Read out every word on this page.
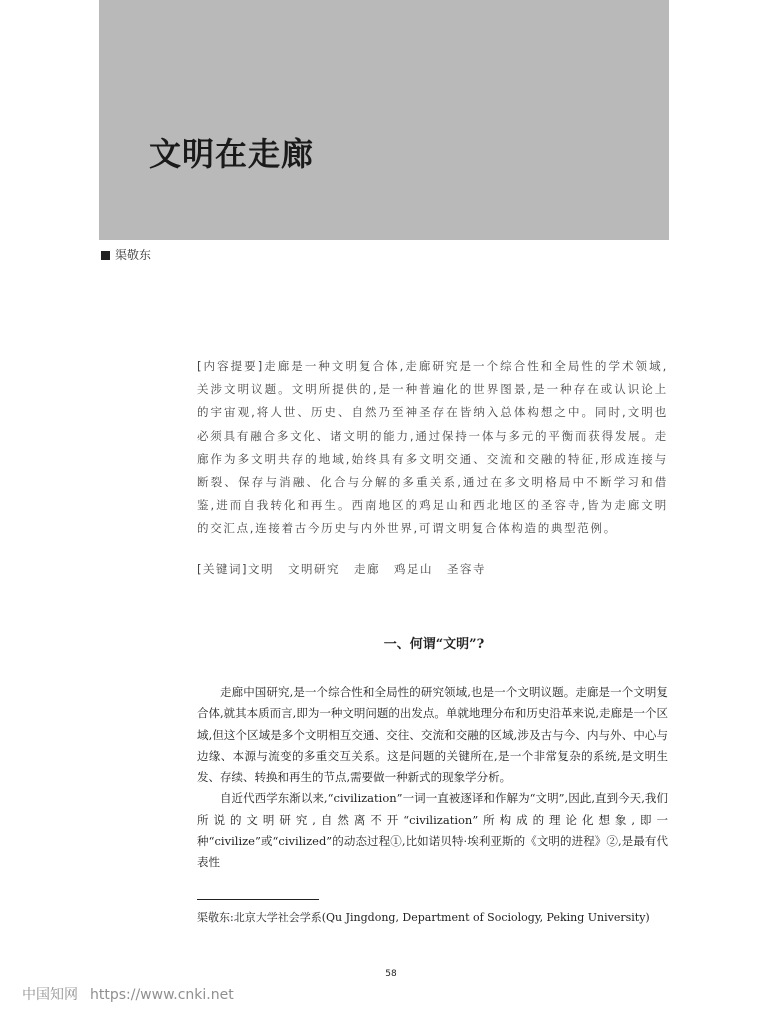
文明在走廊
渠敬东

[内容提要]走廊是一种文明复合体,走廊研究是一个综合性和全局性的学术领域,关涉文明议题。文明所提供的,是一种普遍化的世界图景,是一种存在或认识论上的宇宙观,将人世、历史、自然乃至神圣存在皆纳入总体构想之中。同时,文明也必须具有融合多文化、诸文明的能力,通过保持一体与多元的平衡而获得发展。走廊作为多文明共存的地域,始终具有多文明交通、交流和交融的特征,形成连接与断裂、保存与消融、化合与分解的多重关系,通过在多文明格局中不断学习和借鉴,进而自我转化和再生。西南地区的鸡足山和西北地区的圣容寺,皆为走廊文明的交汇点,连接着古今历史与内外世界,可谓文明复合体构造的典型范例。

[关键词]文明 文明研究 走廊 鸡足山 圣容寺

一、何谓“文明”?

走廊中国研究,是一个综合性和全局性的研究领域,也是一个文明议题。走廊是一个文明复合体,就其本质而言,即为一种文明问题的出发点。单就地理分布和历史沿革来说,走廊是一个区域,但这个区域是多个文明相互交通、交往、交流和交融的区域,涉及古与今、内与外、中心与边缘、本源与流变的多重交互关系。这是问题的关键所在,是一个非常复杂的系统,是文明生发、存续、转换和再生的节点,需要做一种新式的现象学分析。

自近代西学东渐以来,“civilization”一词一直被逐译和作解为“文明”,因此,直到今天,我们所说的文明研究,自然离不开“civilization”所构成的理论化想象,即一种“civilize”或“civilized”的动态过程①,比如诺贝特·埃利亚斯的《文明的进程》②,是最有代表性

渠敬东:北京大学社会学系(Qu Jingdong, Department of Sociology, Peking University)

58
中国知网 https://www.cnki.net
